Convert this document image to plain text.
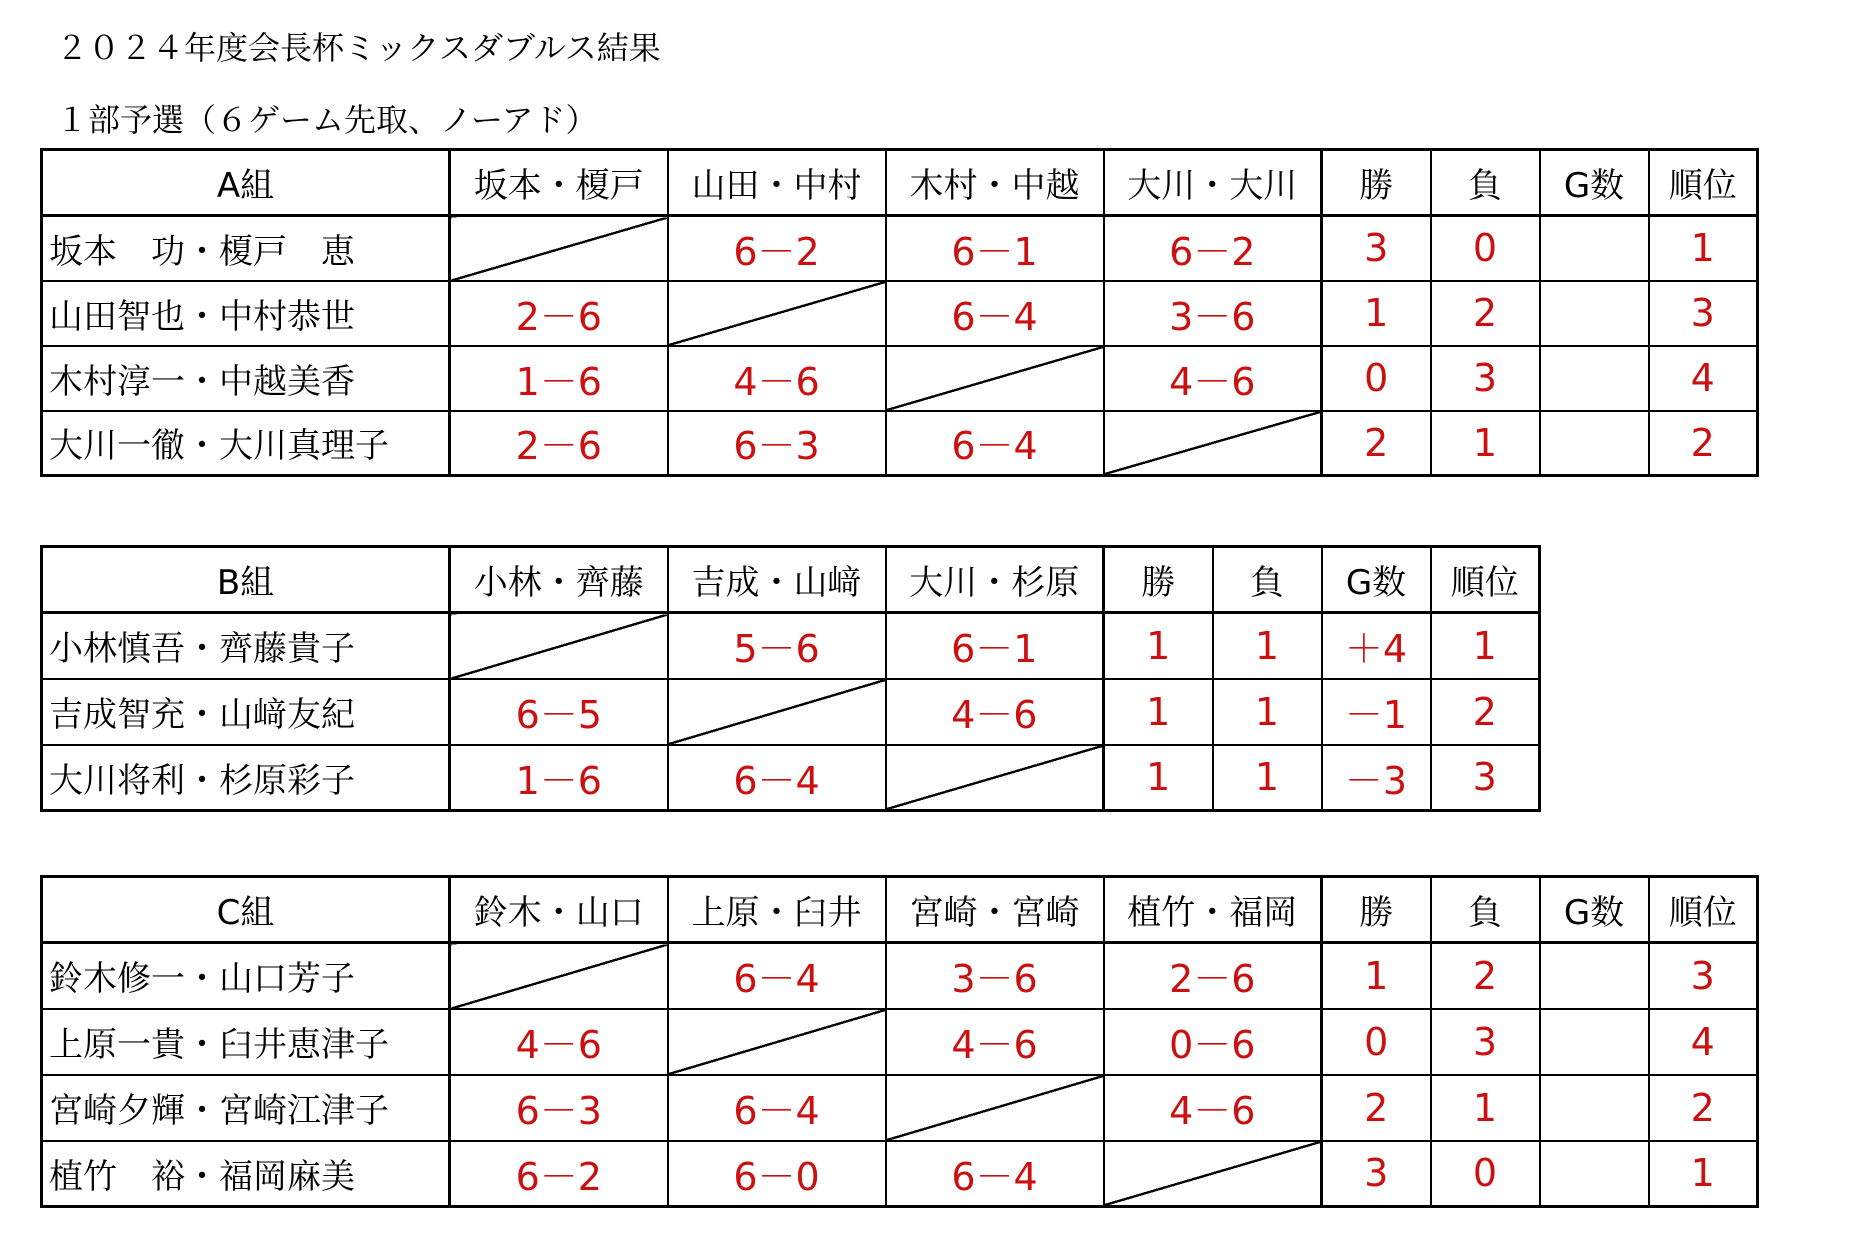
２０２４年度会長杯ミックスダブルス結果
１部予選（６ゲーム先取、ノーアド）
A組	坂本・榎戸	山田・中村	木村・中越	大川・大川	勝	負	G数	順位
坂本　功・榎戸　恵		6－2	6－1	6－2	3	0		1
山田智也・中村恭世	2－6		6－4	3－6	1	2		3
木村淳一・中越美香	1－6	4－6		4－6	0	3		4
大川一徹・大川真理子	2－6	6－3	6－4		2	1		2
B組	小林・齊藤	吉成・山﨑	大川・杉原	勝	負	G数	順位
小林慎吾・齊藤貴子		5－6	6－1	1	1	＋4	1
吉成智充・山﨑友紀	6－5		4－6	1	1	－1	2
大川将利・杉原彩子	1－6	6－4		1	1	－3	3
C組	鈴木・山口	上原・臼井	宮崎・宮崎	植竹・福岡	勝	負	G数	順位
鈴木修一・山口芳子		6－4	3－6	2－6	1	2		3
上原一貴・臼井恵津子	4－6		4－6	0－6	0	3		4
宮崎夕輝・宮崎江津子	6－3	6－4		4－6	2	1		2
植竹　裕・福岡麻美	6－2	6－0	6－4		3	0		1
